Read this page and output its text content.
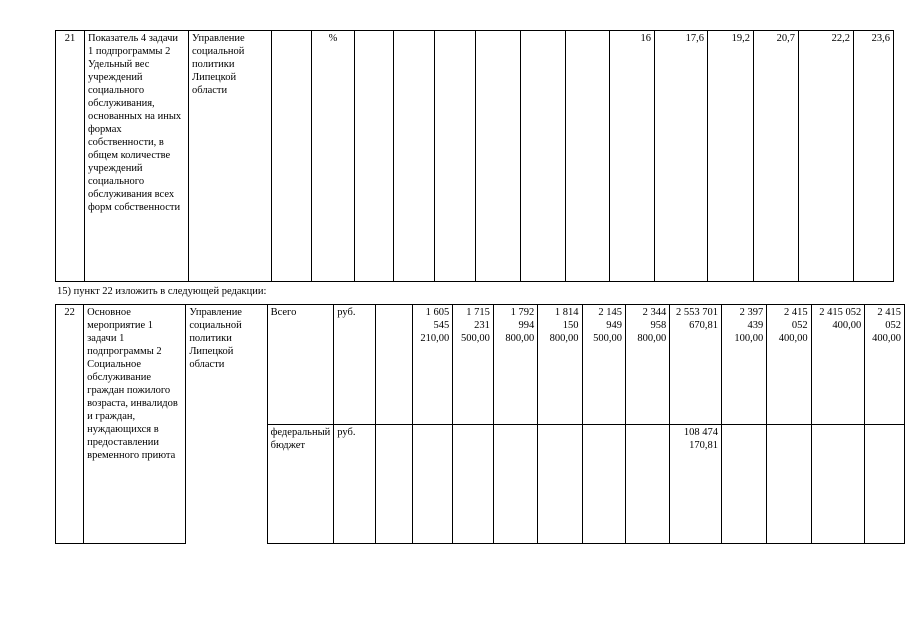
21	Показатель 4 задачи 1 подпрограммы 2 Удельный вес учреждений социального обслуживания, основанных на иных формах собственности, в общем количестве учреждений социального обслуживания всех форм собственности	Управление социальной политики Липецкой области		%							16	17,6	19,2	20,7	22,2	23,6
15) пункт 22 изложить в следующей редакции:
22	Основное мероприятие 1 задачи 1 подпрограммы 2 Социальное обслуживание граждан пожилого возраста, инвалидов и граждан, нуждающихся в предоставлении временного приюта	Управление социальной политики Липецкой области	Всего	руб.		1 605 545 210,00	1 715 231 500,00	1 792 994 800,00	1 814 150 800,00	2 145 949 500,00	2 344 958 800,00	2 553 701 670,81	2 397 439 100,00	2 415 052 400,00	2 415 052 400,00	2 415 052 400,00
			федеральный бюджет	руб.								108 474 170,81				
